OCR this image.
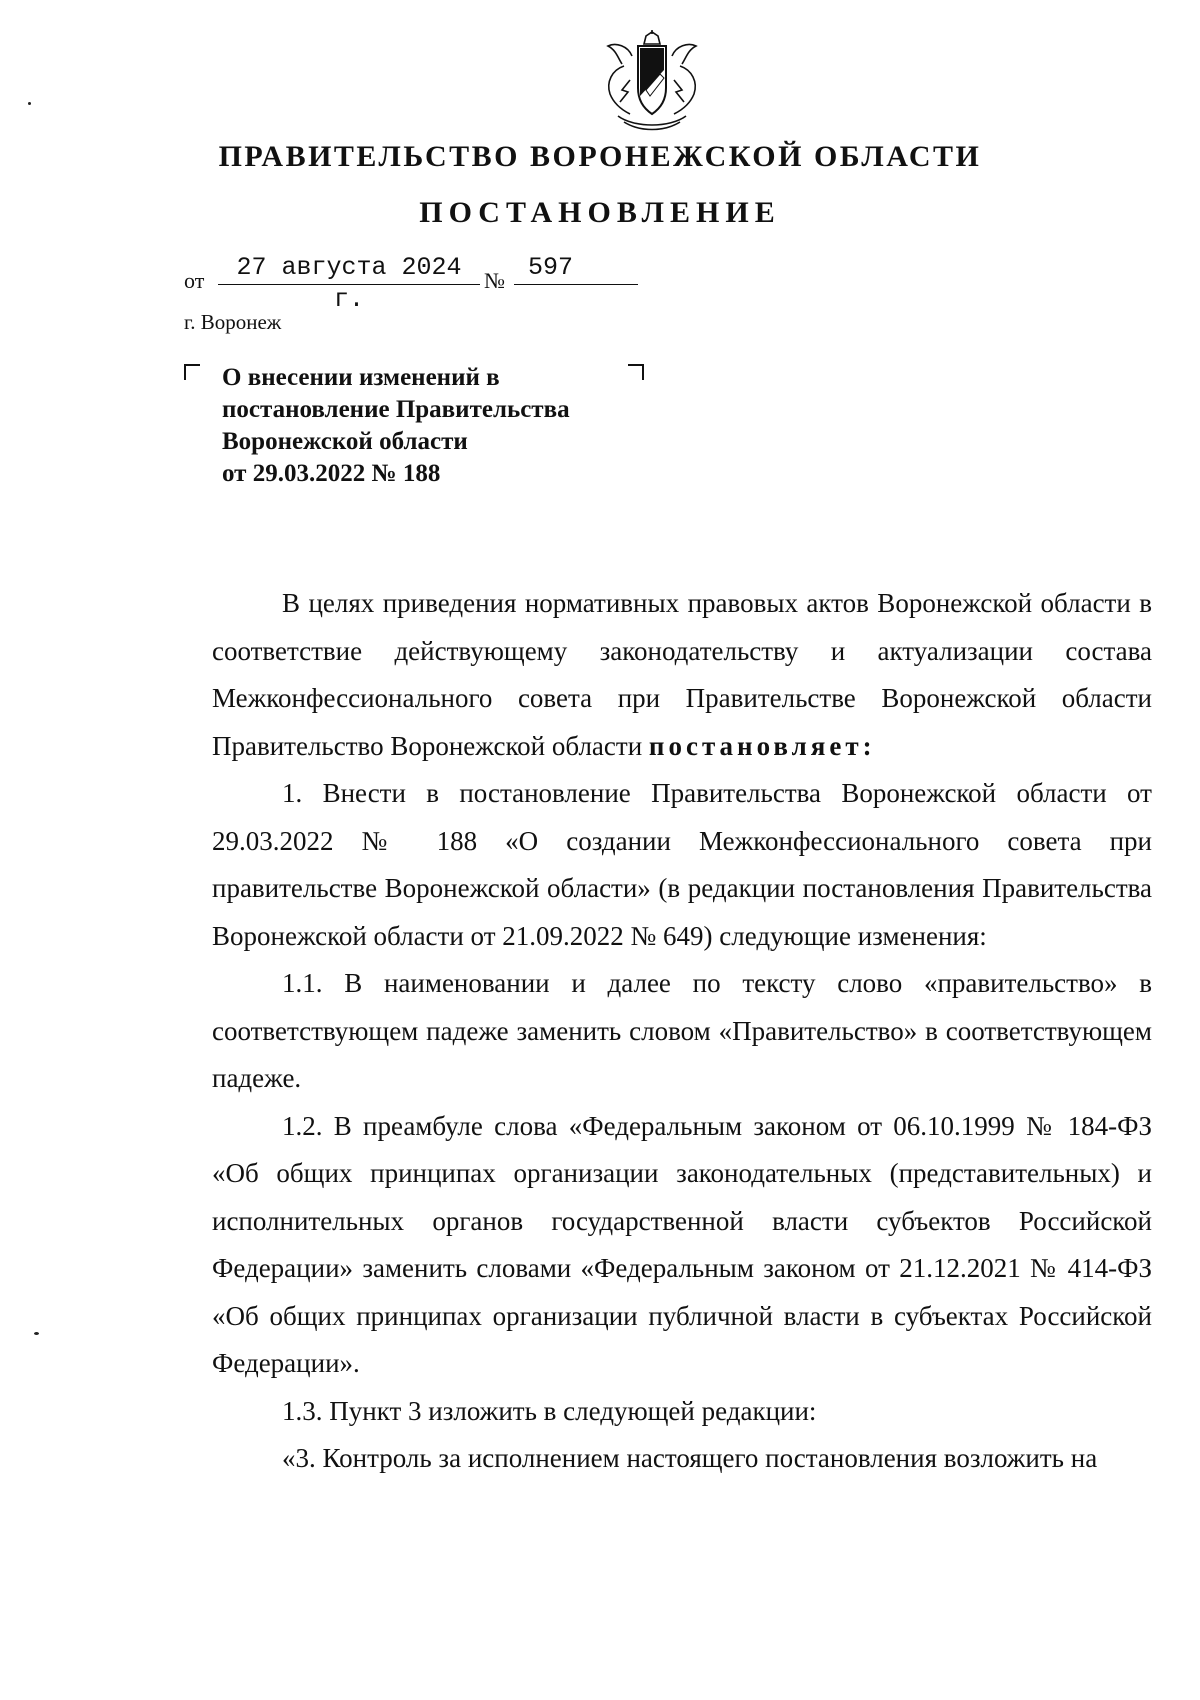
ПРАВИТЕЛЬСТВО ВОРОНЕЖСКОЙ ОБЛАСТИ
ПОСТАНОВЛЕНИЕ
от	27 августа 2024 г.
№ 597
г. Воронеж
О внесении изменений в
постановление Правительства
Воронежской области
от 29.03.2022 № 188

В целях приведения нормативных правовых актов Воронежской области в соответствие действующему законодательству и актуализации состава Межконфессионального совета при Правительстве Воронежской области Правительство Воронежской области постановляет:

1. Внести в постановление Правительства Воронежской области от 29.03.2022 № 188 «О создании Межконфессионального совета при правительстве Воронежской области» (в редакции постановления Правительства Воронежской области от 21.09.2022 № 649) следующие изменения:

1.1. В наименовании и далее по тексту слово «правительство» в соответствующем падеже заменить словом «Правительство» в соответствующем падеже.

1.2. В преамбуле слова «Федеральным законом от 06.10.1999 № 184-ФЗ «Об общих принципах организации законодательных (представительных) и исполнительных органов государственной власти субъектов Российской Федерации» заменить словами «Федеральным законом от 21.12.2021 № 414-ФЗ «Об общих принципах организации публичной власти в субъектах Российской Федерации».

1.3. Пункт 3 изложить в следующей редакции:

«3. Контроль за исполнением настоящего постановления возложить на
